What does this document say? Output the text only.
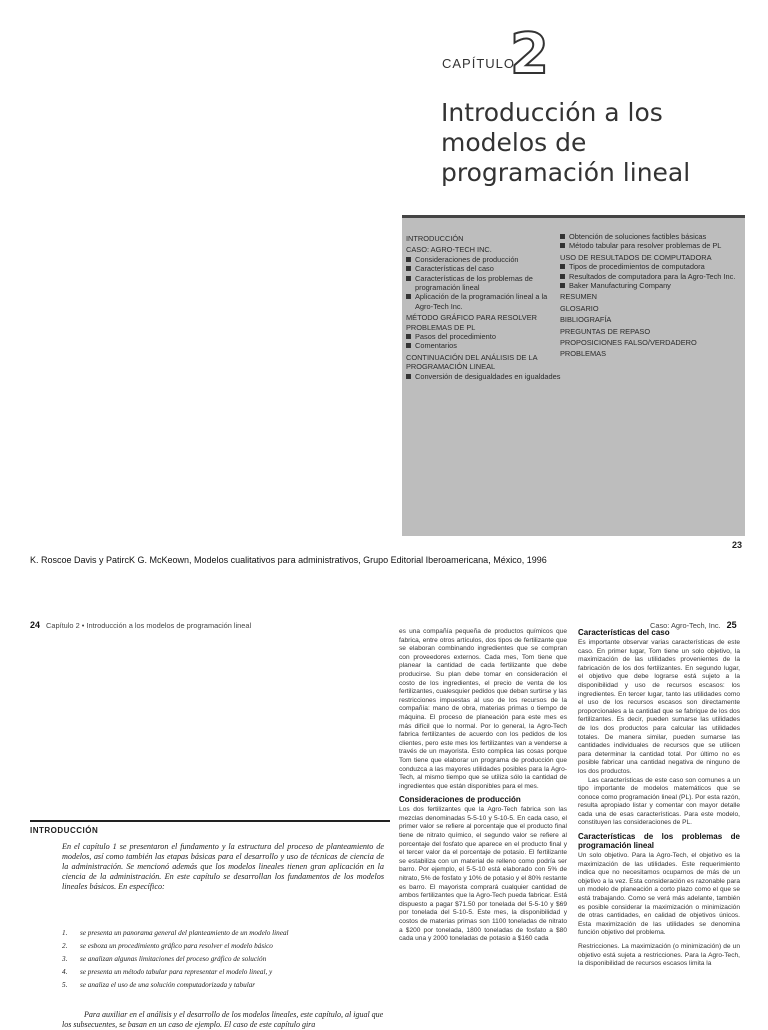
CAPÍTULO
2
Introducción a los
modelos de
programación lineal
INTRODUCCIÓN
CASO: AGRO-TECH INC.
Consideraciones de producción
Características del caso
Características de los problemas de programación lineal
Aplicación de la programación lineal a la Agro-Tech Inc.
MÉTODO GRÁFICO PARA RESOLVER PROBLEMAS DE PL
Pasos del procedimiento
Comentarios
CONTINUACIÓN DEL ANÁLISIS DE LA PROGRAMACIÓN LINEAL
Conversión de desigualdades en igualdades
Obtención de soluciones factibles básicas
Método tabular para resolver problemas de PL
USO DE RESULTADOS DE COMPUTADORA
Tipos de procedimientos de computadora
Resultados de computadora para la Agro-Tech Inc.
Baker Manufacturing Company
RESUMEN
GLOSARIO
BIBLIOGRAFÍA
PREGUNTAS DE REPASO
PROPOSICIONES FALSO/VERDADERO
PROBLEMAS
23
K. Roscoe Davis y PatircK G. McKeown, Modelos cualitativos para administrativos, Grupo Editorial Iberoamericana, México, 1996
24 Capítulo 2 • Introducción a los modelos de programación lineal	Caso: Agro-Tech, Inc. 25
INTRODUCCIÓN
En el capítulo 1 se presentaron el fundamento y la estructura del proceso de planteamiento de modelos, así como también las etapas básicas para el desarrollo y uso de técnicas de ciencia de la administración. Se mencionó además que los modelos lineales tienen gran aplicación en la ciencia de la administración. En este capítulo se desarrollan los fundamentos de los modelos lineales básicos. En específico:
1. se presenta un panorama general del planteamiento de un modelo lineal
2. se esboza un procedimiento gráfico para resolver el modelo básico
3. se analizan algunas limitaciones del proceso gráfico de solución
4. se presenta un método tabular para representar el modelo lineal, y
5. se analiza el uso de una solución computadorizada y tabular
Para auxiliar en el análisis y el desarrollo de los modelos lineales, este capítulo, al igual que los subsecuentes, se basan en un caso de ejemplo. El caso de este capítulo gira
es una compañía pequeña de productos químicos que fabrica, entre otros artículos, dos tipos de fertilizante que se elaboran combinando ingredientes que se compran con proveedores externos. Cada mes, Tom tiene que planear la cantidad de cada fertilizante que debe producirse. Su plan debe tomar en consideración el costo de los ingredientes, el precio de venta de los fertilizantes, cualesquier pedidos que deban surtirse y las restricciones impuestas al uso de los recursos de la compañía: mano de obra, materias primas o tiempo de máquina. El proceso de planeación para este mes es más difícil que lo normal. Por lo general, la Agro-Tech fabrica fertilizantes de acuerdo con los pedidos de los clientes, pero este mes los fertilizantes van a venderse a través de un mayorista. Esto complica las cosas porque Tom tiene que elaborar un programa de producción que conduzca a las mayores utilidades posibles para la Agro-Tech, al mismo tiempo que se utiliza sólo la cantidad de ingredientes que están disponibles para el mes.
Consideraciones de producción
Los dos fertilizantes que la Agro-Tech fabrica son las mezclas denominadas 5-5-10 y 5-10-5. En cada caso, el primer valor se refiere al porcentaje que el producto final tiene de nitrato químico, el segundo valor se refiere al porcentaje del fosfato que aparece en el producto final y el tercer valor da el porcentaje de potasio. El fertilizante se estabiliza con un material de relleno como podría ser barro. Por ejemplo, el 5-5-10 está elaborado con 5% de nitrato, 5% de fosfato y 10% de potasio y el 80% restante es barro. El mayorista comprará cualquier cantidad de ambos fertilizantes que la Agro-Tech pueda fabricar. Está dispuesto a pagar $71.50 por tonelada del 5-5-10 y $69 por tonelada del 5-10-5. Este mes, la disponibilidad y costos de materias primas son 1100 toneladas de nitrato a $200 por tonelada, 1800 toneladas de fosfato a $80 cada una y 2000 toneladas de potasio a $160 cada
Características del caso
Es importante observar varias características de este caso. En primer lugar, Tom tiene un solo objetivo, la maximización de las utilidades provenientes de la fabricación de los dos fertilizantes. En segundo lugar, el objetivo que debe lograrse está sujeto a la disponibilidad y uso de recursos escasos: los ingredientes. En tercer lugar, tanto las utilidades como el uso de los recursos escasos son directamente proporcionales a la cantidad que se fabrique de los dos fertilizantes. Es decir, pueden sumarse las utilidades de los dos productos para calcular las utilidades totales. De manera similar, pueden sumarse las cantidades individuales de recursos que se utilicen para determinar la cantidad total. Por último no es posible fabricar una cantidad negativa de ninguno de los dos productos.
Las características de este caso son comunes a un tipo importante de modelos matemáticos que se conoce como programación lineal (PL). Por esta razón, resulta apropiado listar y comentar con mayor detalle cada una de esas características. Para este modelo, constituyen las consideraciones de PL.
Características de los problemas de programación lineal
Un solo objetivo. Para la Agro-Tech, el objetivo es la maximización de las utilidades. Este requerimiento indica que no necesitamos ocuparnos de más de un objetivo a la vez. Esta consideración es razonable para un modelo de planeación a corto plazo como el que se está trabajando. Como se verá más adelante, también es posible considerar la maximización o minimización de otras cantidades, en calidad de objetivos únicos. Esta maximización de las utilidades se denomina función objetivo del problema.
Restricciones. La maximización (o minimización) de un objetivo está sujeta a restricciones. Para la Agro-Tech, la disponibilidad de recursos escasos limita la
